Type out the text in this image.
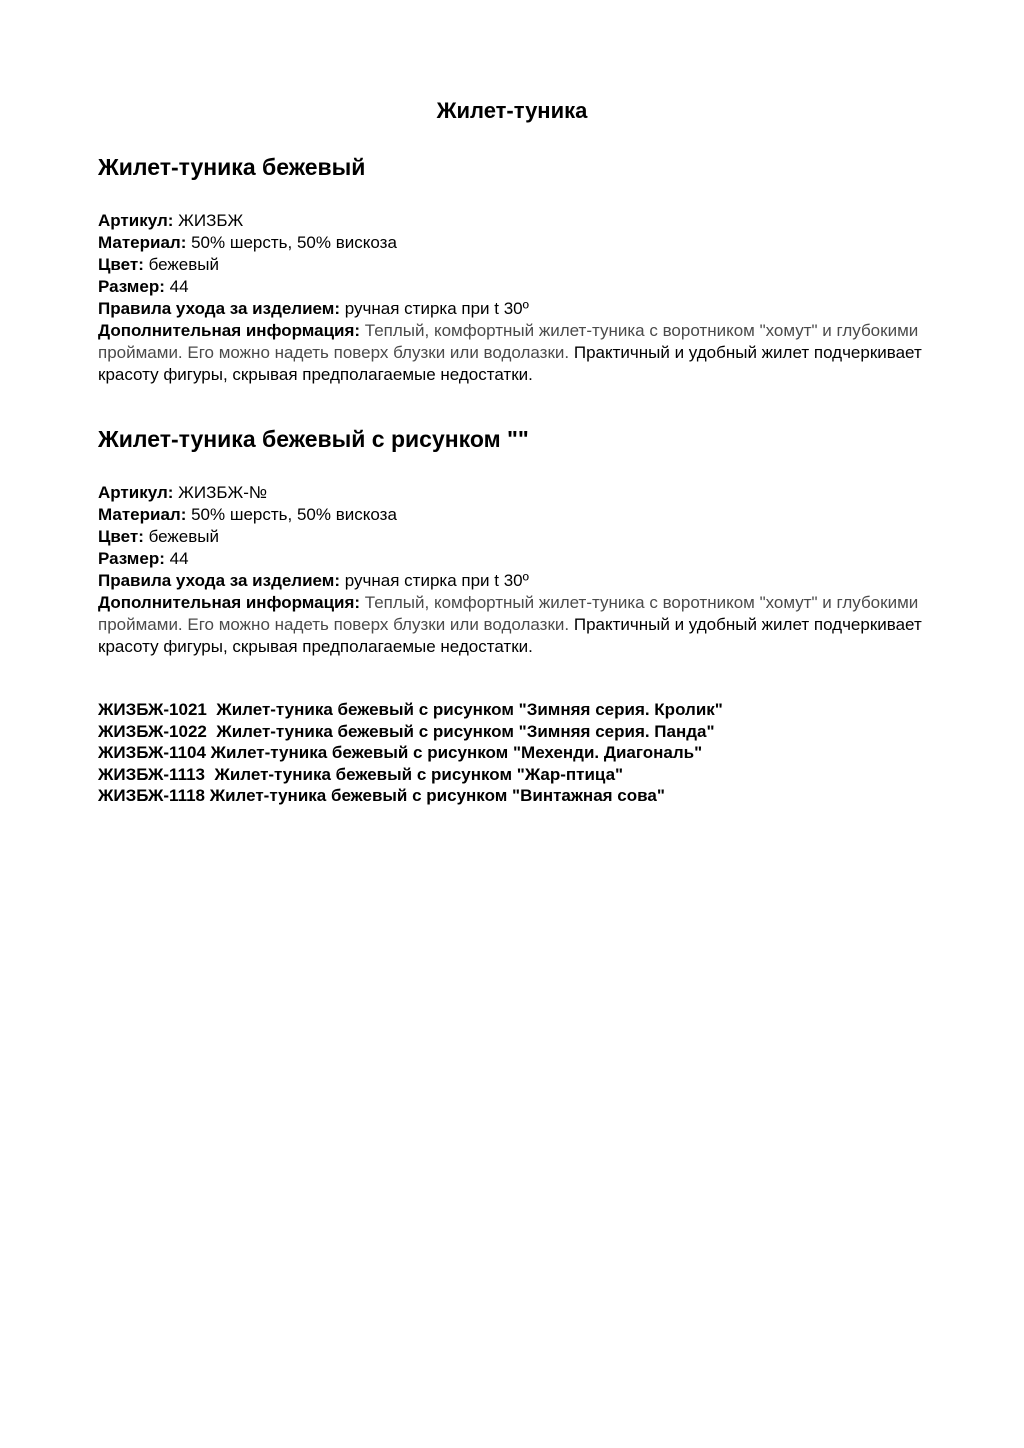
Жилет-туника
Жилет-туника бежевый

Артикул: ЖИЗБЖ

Материал: 50% шерсть, 50% вискоза

Цвет: бежевый

Размер: 44

Правила ухода за изделием: ручная стирка при t 30º

Дополнительная информация: Теплый, комфортный жилет-туника с воротником "хомут" и глубокими проймами. Его можно надеть поверх блузки или водолазки. Практичный и удобный жилет подчеркивает красоту фигуры, скрывая предполагаемые недостатки.

Жилет-туника бежевый с рисунком ""

Артикул: ЖИЗБЖ-№

Материал: 50% шерсть, 50% вискоза

Цвет: бежевый

Размер: 44

Правила ухода за изделием: ручная стирка при t 30º

Дополнительная информация: Теплый, комфортный жилет-туника с воротником "хомут" и глубокими проймами. Его можно надеть поверх блузки или водолазки. Практичный и удобный жилет подчеркивает красоту фигуры, скрывая предполагаемые недостатки.

ЖИЗБЖ-1021 Жилет-туника бежевый с рисунком "Зимняя серия. Кролик"

ЖИЗБЖ-1022 Жилет-туника бежевый с рисунком "Зимняя серия. Панда"

ЖИЗБЖ-1104 Жилет-туника бежевый с рисунком "Мехенди. Диагональ"

ЖИЗБЖ-1113 Жилет-туника бежевый с рисунком "Жар-птица"

ЖИЗБЖ-1118 Жилет-туника бежевый с рисунком "Винтажная сова"
